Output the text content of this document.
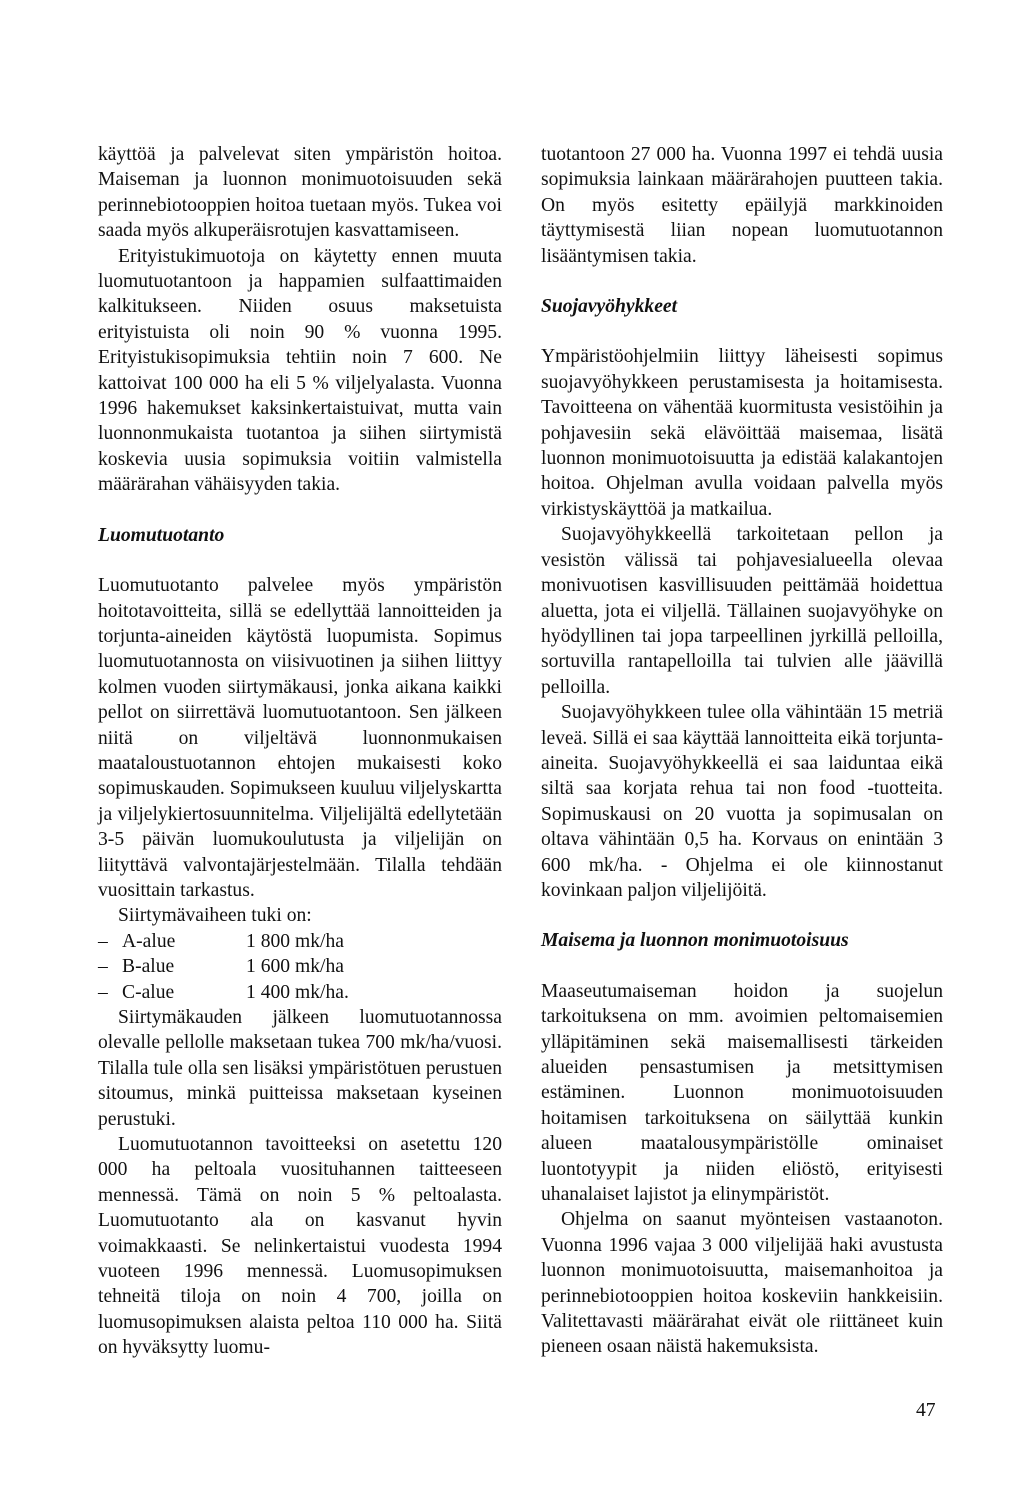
käyttöä ja palvelevat siten ympäristön hoitoa. Maiseman ja luonnon monimuotoisuuden sekä perinnebiotooppien hoitoa tuetaan myös. Tukea voi saada myös alkuperäisrotujen kasvattamiseen.

Erityistukimuotoja on käytetty ennen muuta luomutuotantoon ja happamien sulfaattimaiden kalkitukseen. Niiden osuus maksetuista erityistuista oli noin 90 % vuonna 1995. Erityistukisopimuksia tehtiin noin 7 600. Ne kattoivat 100 000 ha eli 5 % viljelyalasta. Vuonna 1996 hakemukset kaksinkertaistuivat, mutta vain luonnonmukaista tuotantoa ja siihen siirtymistä koskevia uusia sopimuksia voitiin valmistella määrärahan vähäisyyden takia.

Luomutuotanto

Luomutuotanto palvelee myös ympäristön hoitotavoitteita, sillä se edellyttää lannoitteiden ja torjunta-aineiden käytöstä luopumista. Sopimus luomutuotannosta on viisivuotinen ja siihen liittyy kolmen vuoden siirtymäkausi, jonka aikana kaikki pellot on siirrettävä luomutuotantoon. Sen jälkeen niitä on viljeltävä luonnonmukaisen maataloustuotannon ehtojen mukaisesti koko sopimuskauden. Sopimukseen kuuluu viljelyskartta ja viljelykiertosuunnitelma. Viljelijältä edellytetään 3-5 päivän luomukoulutusta ja viljelijän on liityttävä valvontajärjestelmään. Tilalla tehdään vuosittain tarkastus.

Siirtymävaiheen tuki on:

– A-alue	1 800 mk/ha
– B-alue	1 600 mk/ha
– C-alue	1 400 mk/ha.

Siirtymäkauden jälkeen luomutuotannossa olevalle pellolle maksetaan tukea 700 mk/ha/vuosi. Tilalla tule olla sen lisäksi ympäristötuen perustuen sitoumus, minkä puitteissa maksetaan kyseinen perustuki.

Luomutuotannon tavoitteeksi on asetettu 120 000 ha peltoala vuosituhannen taitteeseen mennessä. Tämä on noin 5 % peltoalasta. Luomutuotanto ala on kasvanut hyvin voimakkaasti. Se nelinkertaistui vuodesta 1994 vuoteen 1996 mennessä. Luomusopimuksen tehneitä tiloja on noin 4 700, joilla on luomusopimuksen alaista peltoa 110 000 ha. Siitä on hyväksytty luomu-

tuotantoon 27 000 ha. Vuonna 1997 ei tehdä uusia sopimuksia lainkaan määrärahojen puutteen takia. On myös esitetty epäilyjä markkinoiden täyttymisestä liian nopean luomutuotannon lisääntymisen takia.

Suojavyöhykkeet

Ympäristöohjelmiin liittyy läheisesti sopimus suojavyöhykkeen perustamisesta ja hoitamisesta. Tavoitteena on vähentää kuormitusta vesistöihin ja pohjavesiin sekä elävöittää maisemaa, lisätä luonnon monimuotoisuutta ja edistää kalakantojen hoitoa. Ohjelman avulla voidaan palvella myös virkistyskäyttöä ja matkailua.

Suojavyöhykkeellä tarkoitetaan pellon ja vesistön välissä tai pohjavesialueella olevaa monivuotisen kasvillisuuden peittämää hoidettua aluetta, jota ei viljellä. Tällainen suojavyöhyke on hyödyllinen tai jopa tarpeellinen jyrkillä pelloilla, sortuvilla rantapelloilla tai tulvien alle jäävillä pelloilla.

Suojavyöhykkeen tulee olla vähintään 15 metriä leveä. Sillä ei saa käyttää lannoitteita eikä torjunta-aineita. Suojavyöhykkeellä ei saa laiduntaa eikä siltä saa korjata rehua tai non food -tuotteita. Sopimuskausi on 20 vuotta ja sopimusalan on oltava vähintään 0,5 ha. Korvaus on enintään 3 600 mk/ha. - Ohjelma ei ole kiinnostanut kovinkaan paljon viljelijöitä.

Maisema ja luonnon monimuotoisuus

Maaseutumaiseman hoidon ja suojelun tarkoituksena on mm. avoimien peltomaisemien ylläpitäminen sekä maisemallisesti tärkeiden alueiden pensastumisen ja metsittymisen estäminen. Luonnon monimuotoisuuden hoitamisen tarkoituksena on säilyttää kunkin alueen maatalousympäristölle ominaiset luontotyypit ja niiden eliöstö, erityisesti uhanalaiset lajistot ja elinympäristöt.

Ohjelma on saanut myönteisen vastaanoton. Vuonna 1996 vajaa 3 000 viljelijää haki avustusta luonnon monimuotoisuutta, maisemanhoitoa ja perinnebiotooppien hoitoa koskeviin hankkeisiin. Valitettavasti määrärahat eivät ole riittäneet kuin pieneen osaan näistä hakemuksista.

47
